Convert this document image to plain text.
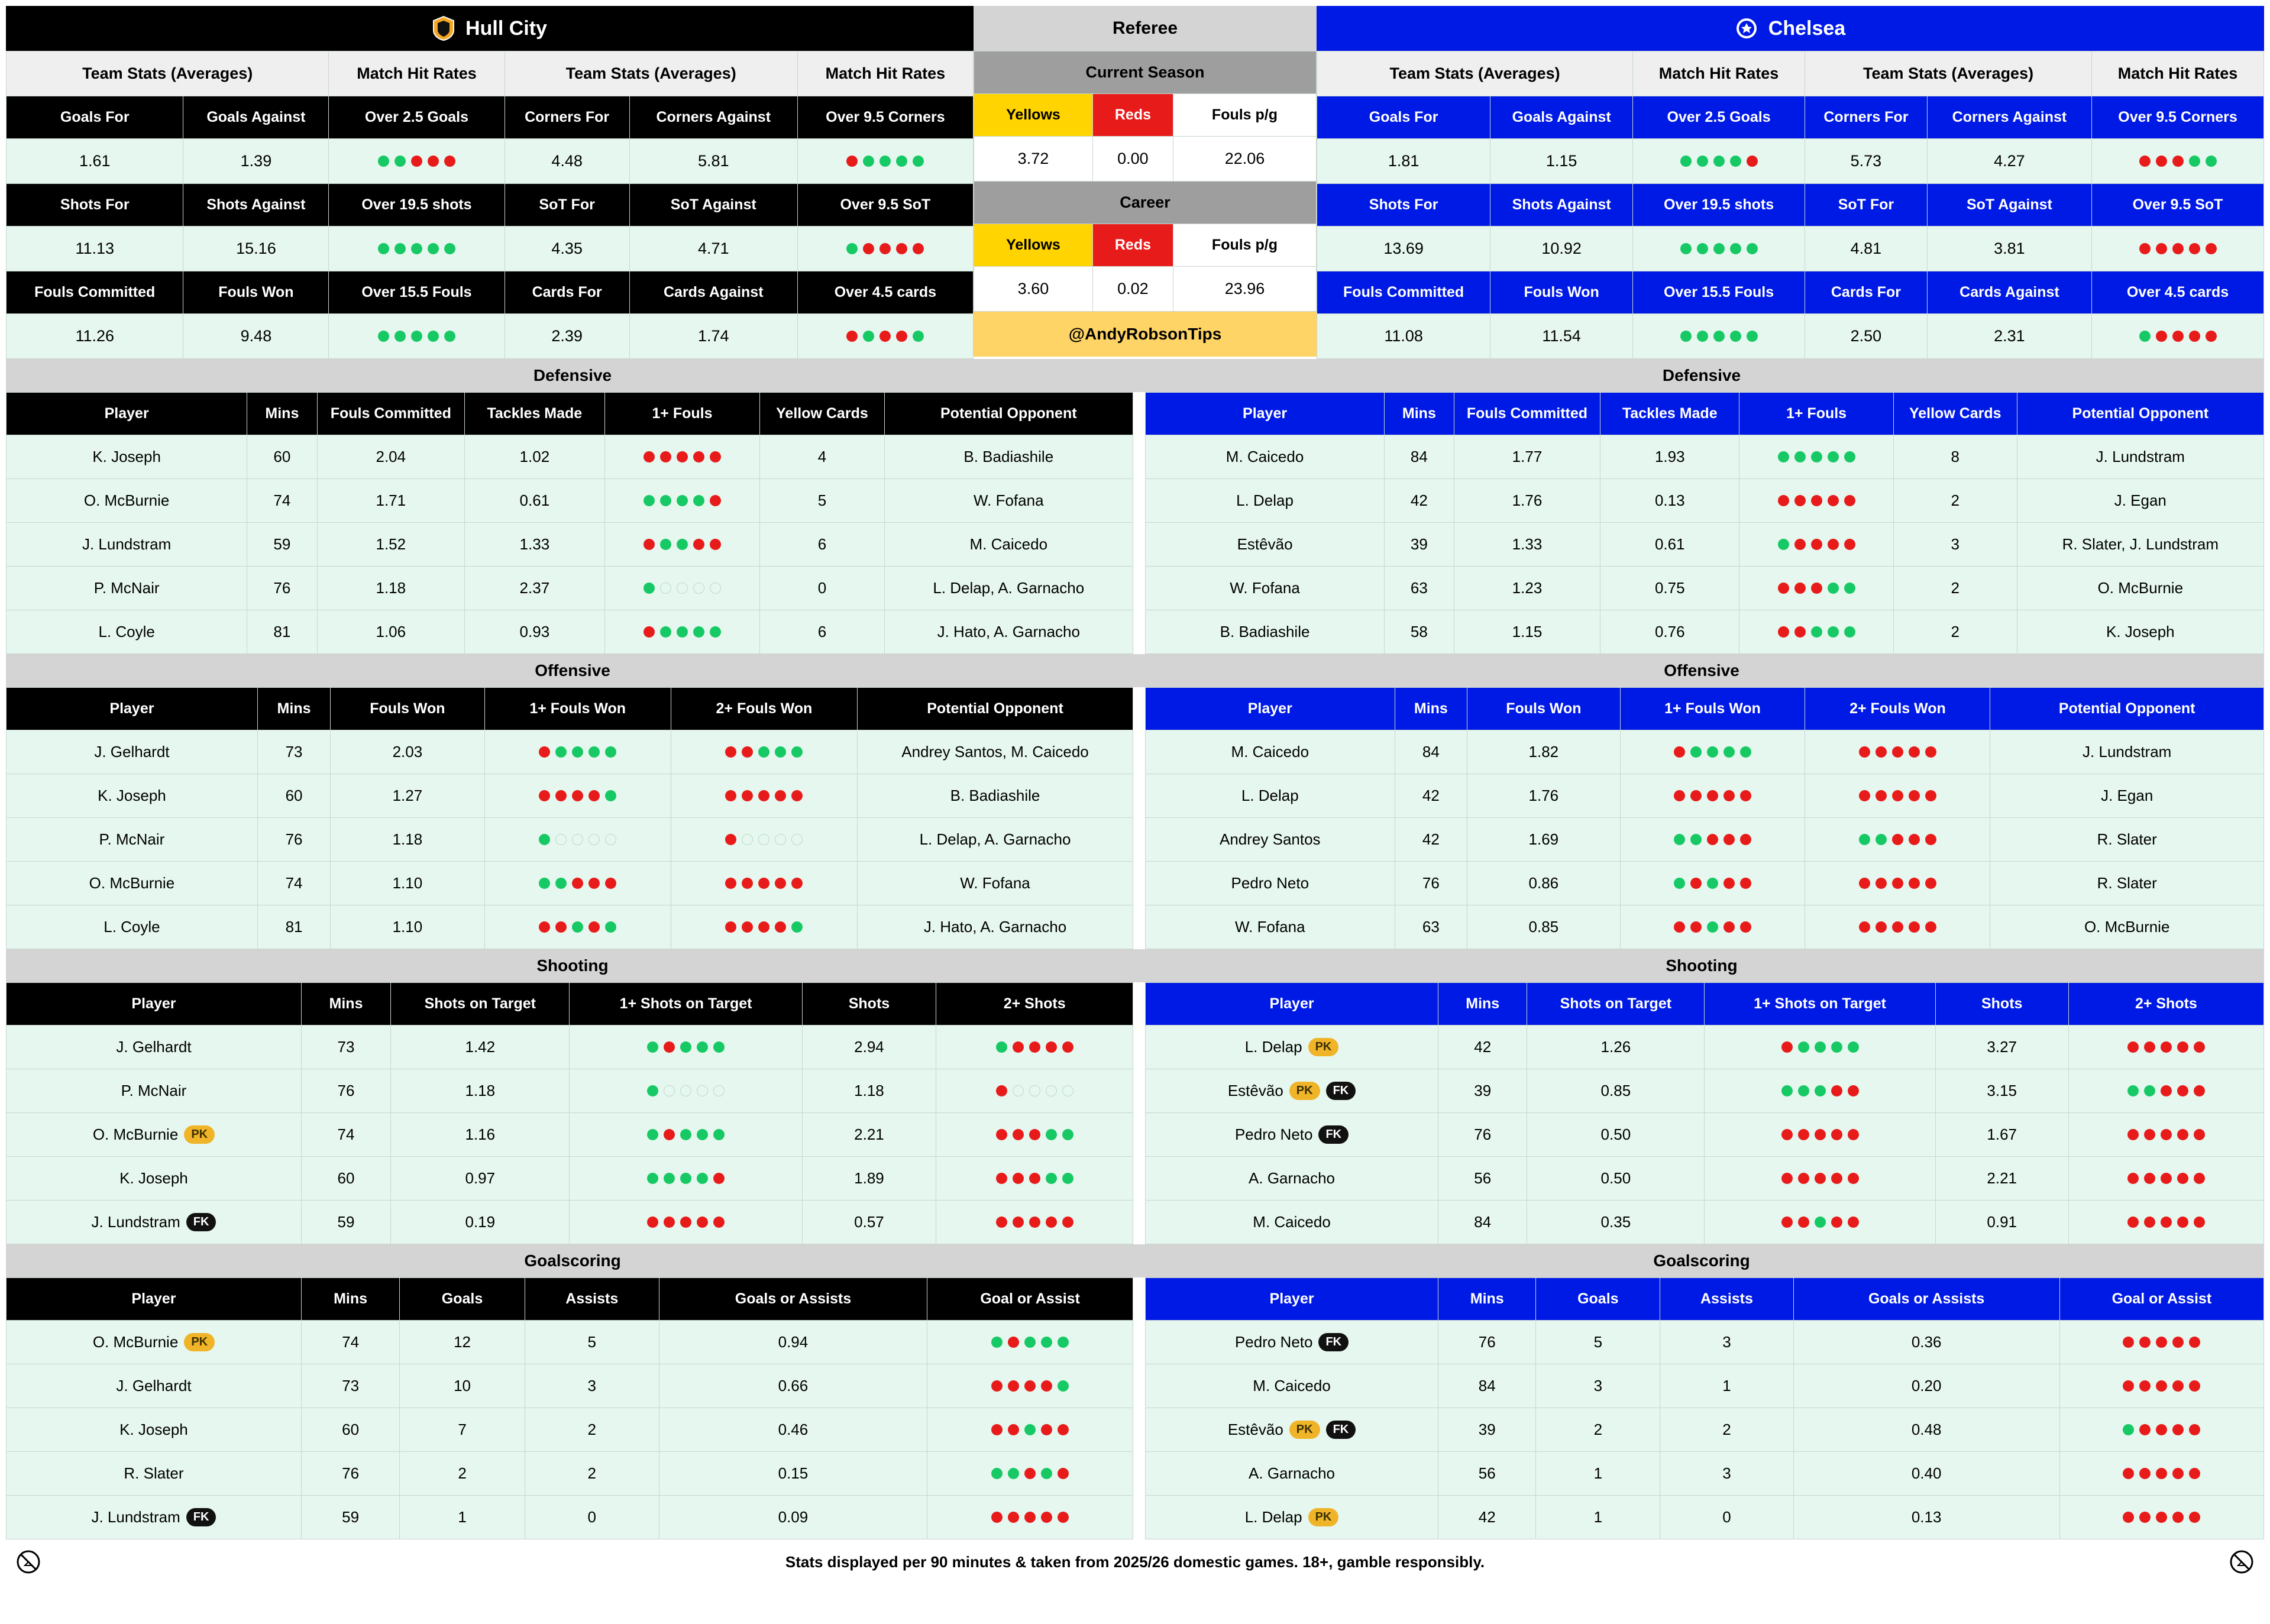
Hull City
Team Stats (Averages)		Match Hit Rates	Team Stats (Averages)		Match Hit Rates
Goals For	Goals Against	Over 2.5 Goals	Corners For	Corners Against	Over 9.5 Corners
1.61	1.39		4.48	5.81	

Shots For	Shots Against	Over 19.5 shots	SoT For	SoT Against	Over 9.5 SoT
11.13	15.16		4.35	4.71	

Fouls Committed	Fouls Won	Over 15.5 Fouls	Cards For	Cards Against	Over 4.5 cards
11.26	9.48		2.39	1.74	
Referee
Current Season		
Yellows	Reds	Fouls p/g
3.72	0.00	22.06
Career		
Yellows	Reds	Fouls p/g
3.60	0.02	23.96
@AndyRobsonTips
Chelsea
Team Stats (Averages)		Match Hit Rates	Team Stats (Averages)		Match Hit Rates
Goals For	Goals Against	Over 2.5 Goals	Corners For	Corners Against	Over 9.5 Corners
1.81	1.15		5.73	4.27	

Shots For	Shots Against	Over 19.5 shots	SoT For	SoT Against	Over 9.5 SoT
13.69	10.92		4.81	3.81	

Fouls Committed	Fouls Won	Over 15.5 Fouls	Cards For	Cards Against	Over 4.5 cards
11.08	11.54		2.50	2.31	
Defensive	Defensive
Player	Mins	Fouls Committed	Tackles Made	1+ Fouls	Yellow Cards	Potential Opponent
K. Joseph	60	2.04	1.02		4	B. Badiashile
O. McBurnie	74	1.71	0.61		5	W. Fofana
J. Lundstram	59	1.52	1.33		6	M. Caicedo
P. McNair	76	1.18	2.37		0	L. Delap, A. Garnacho
L. Coyle	81	1.06	0.93		6	J. Hato, A. Garnacho
Player	Mins	Fouls Committed	Tackles Made	1+ Fouls	Yellow Cards	Potential Opponent
M. Caicedo	84	1.77	1.93		8	J. Lundstram
L. Delap	42	1.76	0.13		2	J. Egan
Estêvão	39	1.33	0.61		3	R. Slater, J. Lundstram
W. Fofana	63	1.23	0.75		2	O. McBurnie
B. Badiashile	58	1.15	0.76		2	K. Joseph
Offensive	Offensive
Player	Mins	Fouls Won	1+ Fouls Won	2+ Fouls Won	Potential Opponent
J. Gelhardt	73	2.03			Andrey Santos, M. Caicedo
K. Joseph	60	1.27			B. Badiashile
P. McNair	76	1.18			L. Delap, A. Garnacho
O. McBurnie	74	1.10			W. Fofana
L. Coyle	81	1.10			J. Hato, A. Garnacho
Player	Mins	Fouls Won	1+ Fouls Won	2+ Fouls Won	Potential Opponent
M. Caicedo	84	1.82			J. Lundstram
L. Delap	42	1.76			J. Egan
Andrey Santos	42	1.69			R. Slater
Pedro Neto	76	0.86			R. Slater
W. Fofana	63	0.85			O. McBurnie
Shooting	Shooting
Player	Mins	Shots on Target	1+ Shots on Target	Shots	2+ Shots
J. Gelhardt	73	1.42		2.94	

P. McNair	76	1.18		1.18	

O. McBurnie PK	74	1.16		2.21	

K. Joseph	60	0.97		1.89	

J. Lundstram FK	59	0.19		0.57	
Player	Mins	Shots on Target	1+ Shots on Target	Shots	2+ Shots
L. Delap PK	42	1.26		3.27	

Estêvão PK FK	39	0.85		3.15	

Pedro Neto FK	76	0.50		1.67	

A. Garnacho	56	0.50		2.21	

M. Caicedo	84	0.35		0.91	
Goalscoring	Goalscoring
Player	Mins	Goals	Assists	Goals or Assists	Goal or Assist
O. McBurnie PK	74	12	5	0.94	

J. Gelhardt	73	10	3	0.66	

K. Joseph	60	7	2	0.46	

R. Slater	76	2	2	0.15	

J. Lundstram FK	59	1	0	0.09	
Player	Mins	Goals	Assists	Goals or Assists	Goal or Assist
Pedro Neto FK	76	5	3	0.36	

M. Caicedo	84	3	1	0.20	

Estêvão PK FK	39	2	2	0.48	

A. Garnacho	56	1	3	0.40	

L. Delap PK	42	1	0	0.13	
Stats displayed per 90 minutes & taken from 2025/26 domestic games. 18+, gamble responsibly.
